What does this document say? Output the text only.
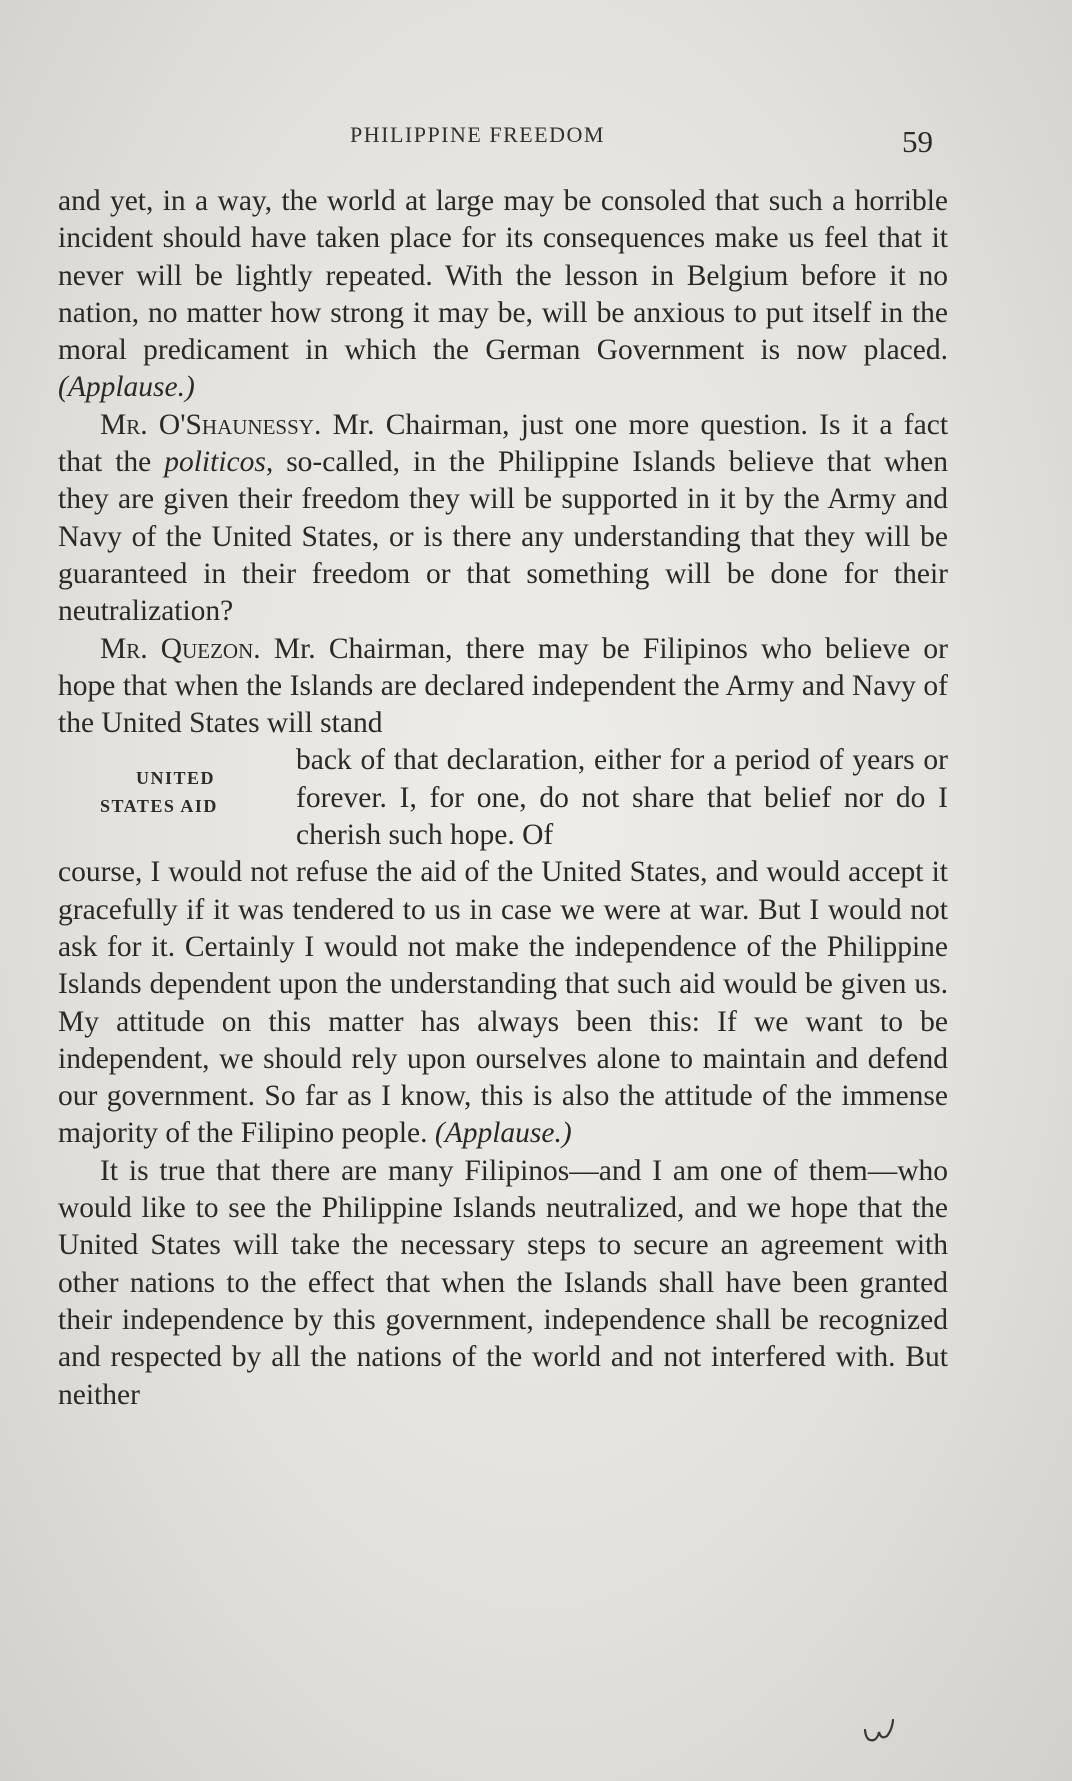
PHILIPPINE FREEDOM	59

and yet, in a way, the world at large may be consoled that such a horrible incident should have taken place for its consequences make us feel that it never will be lightly repeated. With the lesson in Belgium before it no nation, no matter how strong it may be, will be anxious to put itself in the moral predicament in which the German Government is now placed. (Applause.)

Mr. O'Shaunessy. Mr. Chairman, just one more question. Is it a fact that the politicos, so-called, in the Philippine Islands believe that when they are given their freedom they will be supported in it by the Army and Navy of the United States, or is there any understanding that they will be guaranteed in their freedom or that something will be done for their neutralization?

Mr. Quezon. Mr. Chairman, there may be Filipinos who believe or hope that when the Islands are declared independent the Army and Navy of the United States will stand

UNITED
STATES AID
back of that declaration, either for a period of years or forever. I, for one, do not share that belief nor do I cherish such hope. Of

course, I would not refuse the aid of the United States, and would accept it gracefully if it was tendered to us in case we were at war. But I would not ask for it. Certainly I would not make the independence of the Philippine Islands dependent upon the understanding that such aid would be given us. My attitude on this matter has always been this: If we want to be independent, we should rely upon ourselves alone to maintain and defend our government. So far as I know, this is also the attitude of the immense majority of the Filipino people. (Applause.)

It is true that there are many Filipinos—and I am one of them—who would like to see the Philippine Islands neutralized, and we hope that the United States will take the necessary steps to secure an agreement with other nations to the effect that when the Islands shall have been granted their independence by this government, independence shall be recognized and respected by all the nations of the world and not interfered with. But neither
